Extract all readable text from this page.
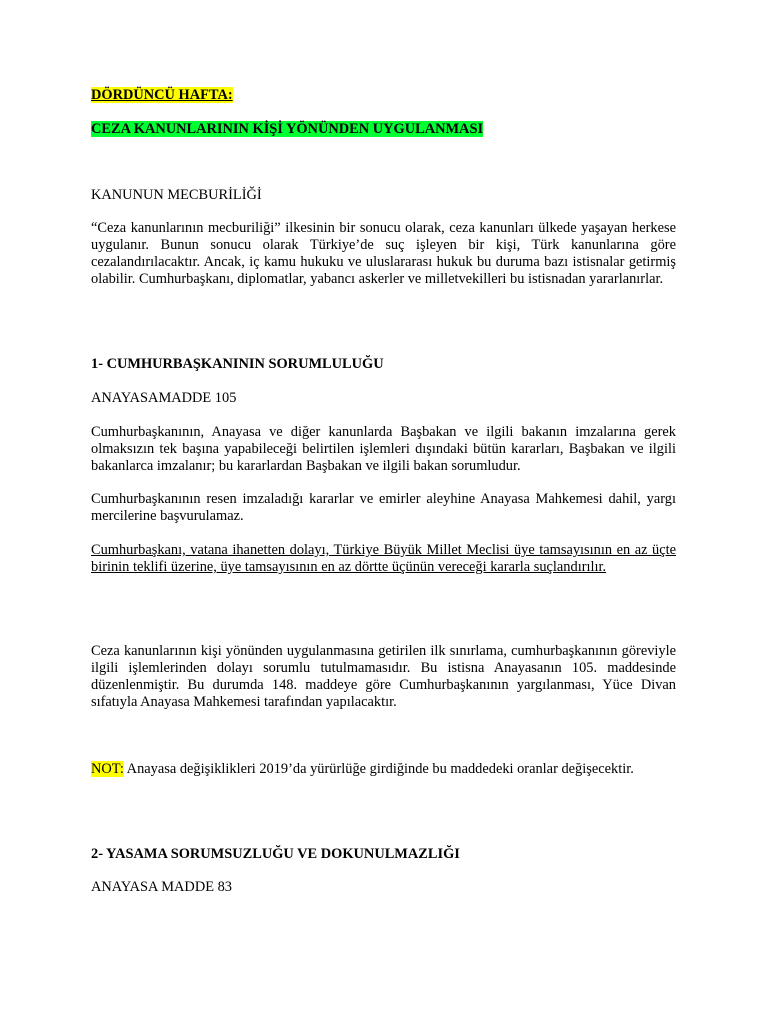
DÖRDÜNCÜ HAFTA:

CEZA KANUNLARININ KİŞİ YÖNÜNDEN UYGULANMASI

KANUNUN MECBURİLİĞİ

“Ceza kanunlarının mecburiliği” ilkesinin bir sonucu olarak, ceza kanunları ülkede yaşayan herkese uygulanır. Bunun sonucu olarak Türkiye’de suç işleyen bir kişi, Türk kanunlarına göre cezalandırılacaktır. Ancak, iç kamu hukuku ve uluslararası hukuk bu duruma bazı istisnalar getirmiş olabilir. Cumhurbaşkanı, diplomatlar, yabancı askerler ve milletvekilleri bu istisnadan yararlanırlar.

1- CUMHURBAŞKANININ SORUMLULUĞU

ANAYASAMADDE 105

Cumhurbaşkanının, Anayasa ve diğer kanunlarda Başbakan ve ilgili bakanın imzalarına gerek olmaksızın tek başına yapabileceği belirtilen işlemleri dışındaki bütün kararları, Başbakan ve ilgili bakanlarca imzalanır; bu kararlardan Başbakan ve ilgili bakan sorumludur.

Cumhurbaşkanının resen imzaladığı kararlar ve emirler aleyhine Anayasa Mahkemesi dahil, yargı mercilerine başvurulamaz.

Cumhurbaşkanı, vatana ihanetten dolayı, Türkiye Büyük Millet Meclisi üye tamsayısının en az üçte birinin teklifi üzerine, üye tamsayısının en az dörtte üçünün vereceği kararla suçlandırılır.

Ceza kanunlarının kişi yönünden uygulanmasına getirilen ilk sınırlama, cumhurbaşkanının göreviyle ilgili işlemlerinden dolayı sorumlu tutulmamasıdır. Bu istisna Anayasanın 105. maddesinde düzenlenmiştir. Bu durumda 148. maddeye göre Cumhurbaşkanının yargılanması, Yüce Divan sıfatıyla Anayasa Mahkemesi tarafından yapılacaktır.

NOT: Anayasa değişiklikleri 2019’da yürürlüğe girdiğinde bu maddedeki oranlar değişecektir.

2- YASAMA SORUMSUZLUĞU VE DOKUNULMAZLIĞI

ANAYASA MADDE 83
